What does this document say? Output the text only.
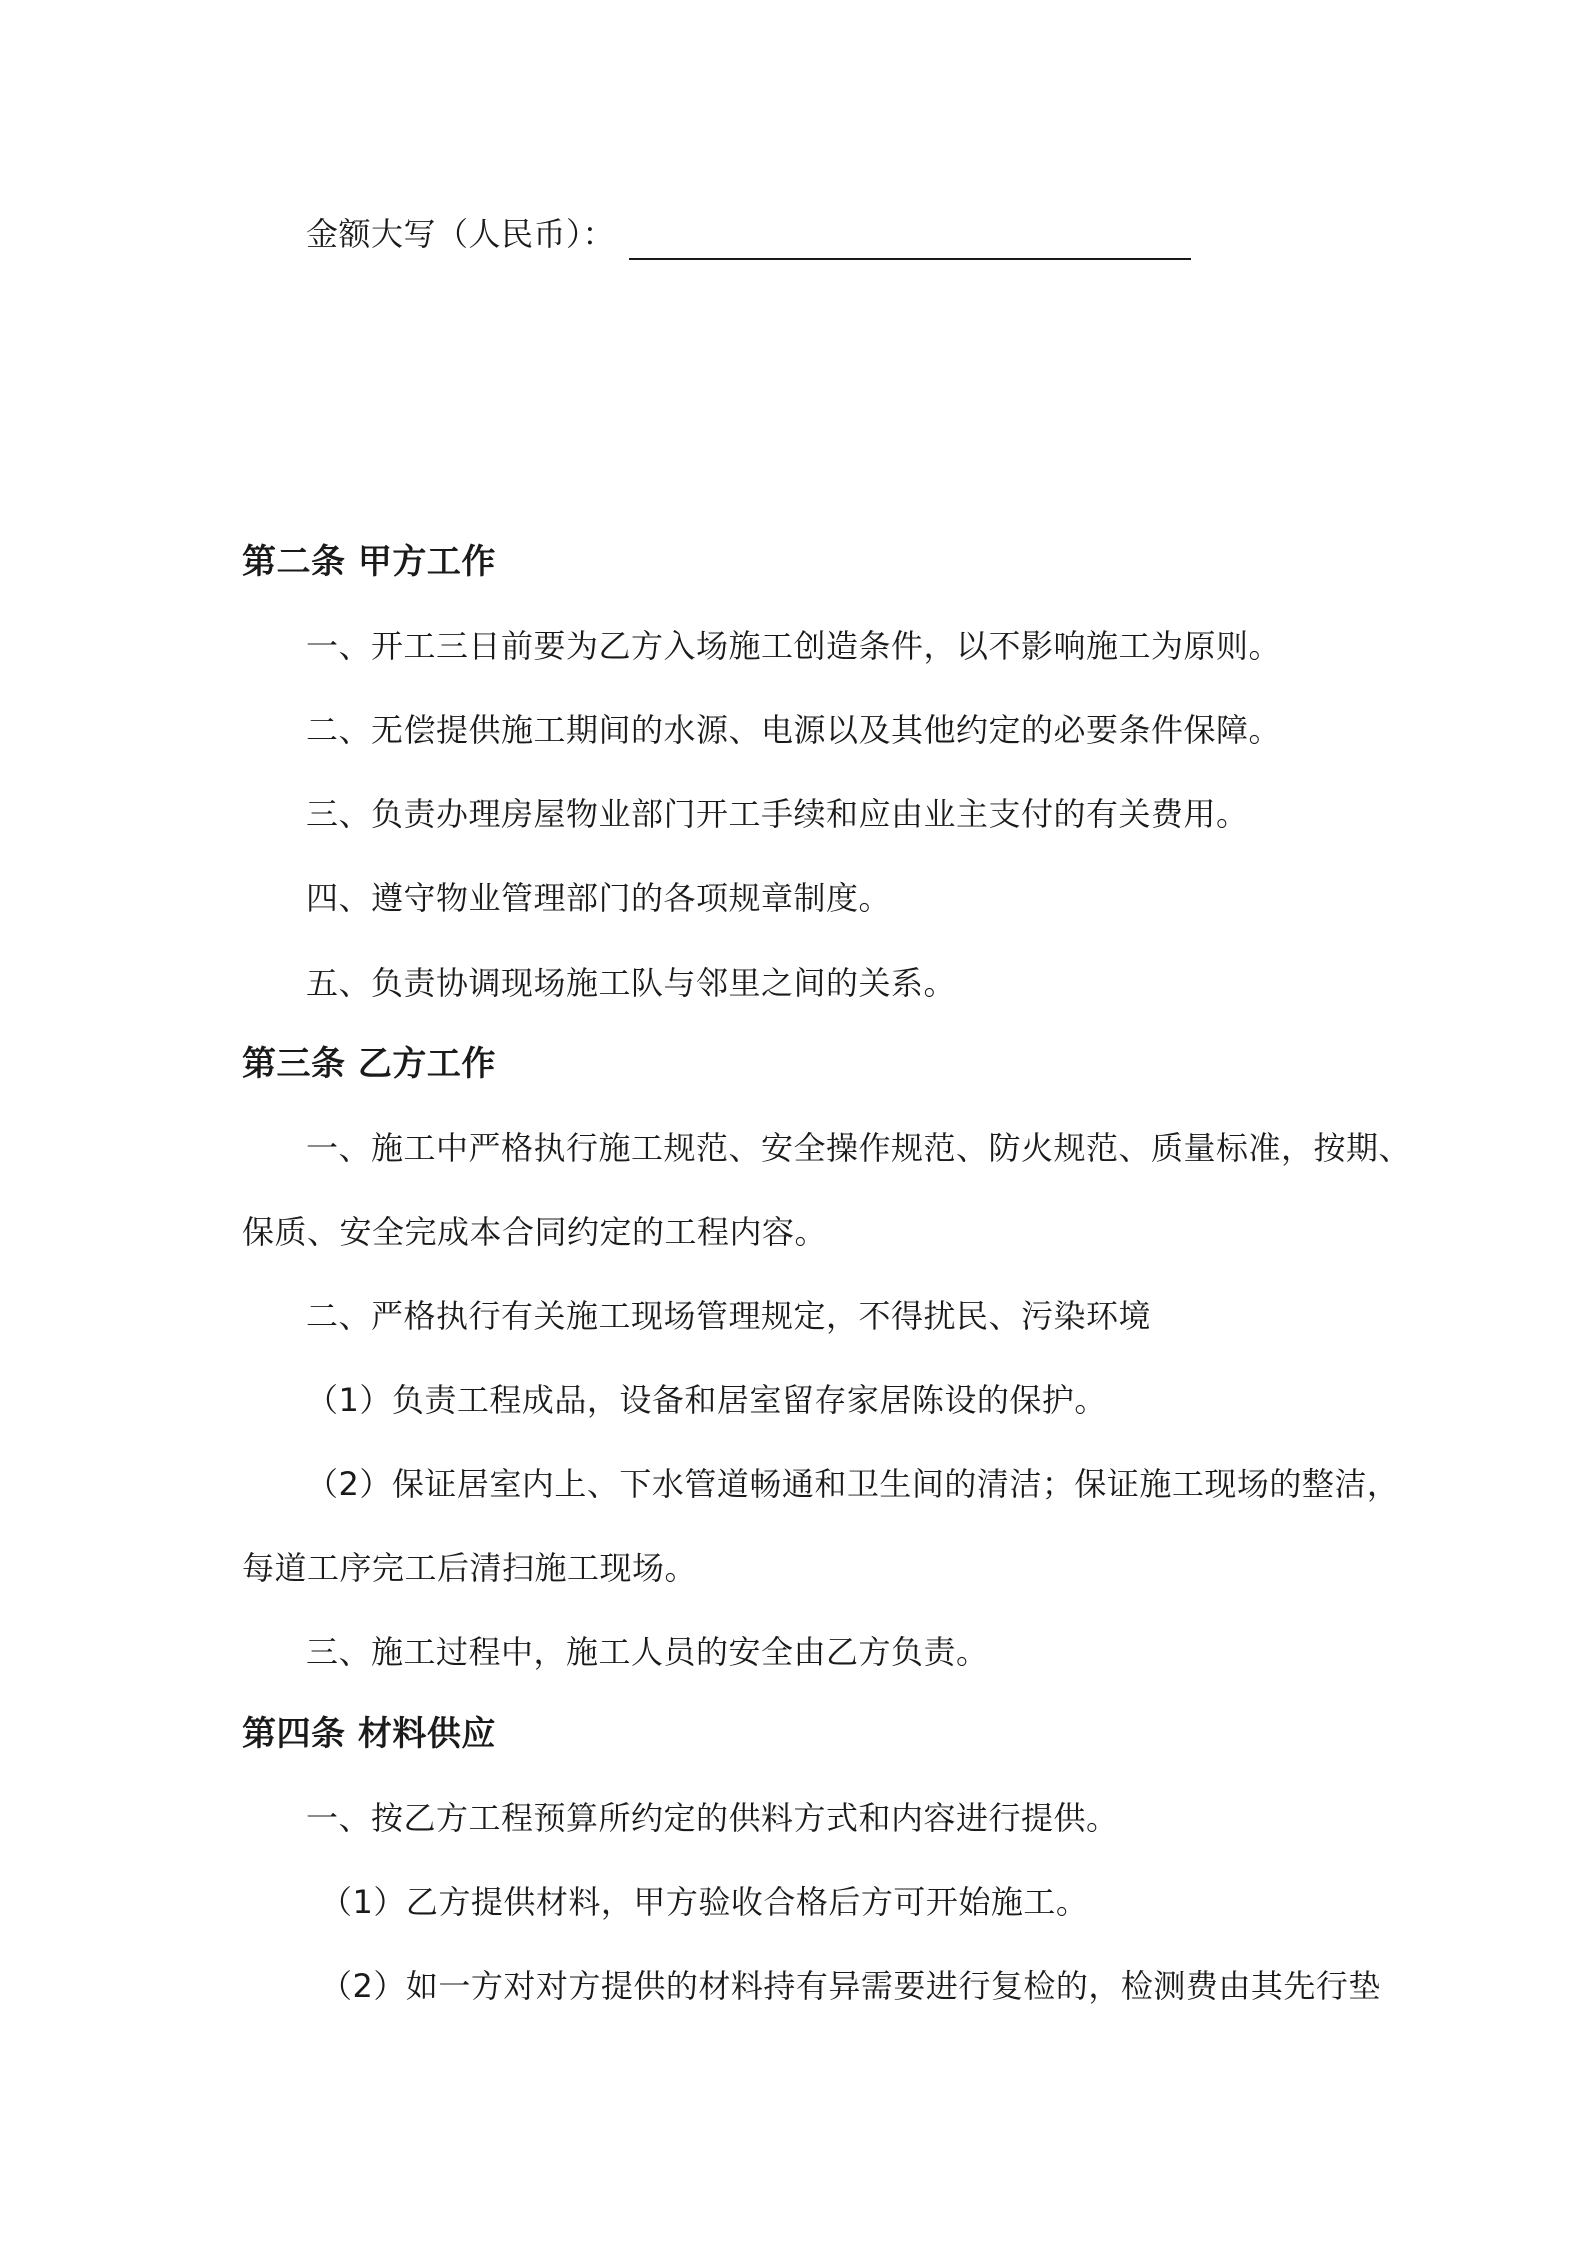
金额大写（人民币）：
第二条 甲方工作
一、开工三日前要为乙方入场施工创造条件，以不影响施工为原则。
二、无偿提供施工期间的水源、电源以及其他约定的必要条件保障。
三、负责办理房屋物业部门开工手续和应由业主支付的有关费用。
四、遵守物业管理部门的各项规章制度。
五、负责协调现场施工队与邻里之间的关系。
第三条 乙方工作
一、施工中严格执行施工规范、安全操作规范、防火规范、质量标准，按期、
保质、安全完成本合同约定的工程内容。
二、严格执行有关施工现场管理规定，不得扰民、污染环境
（1）负责工程成品，设备和居室留存家居陈设的保护。
（2）保证居室内上、下水管道畅通和卫生间的清洁；保证施工现场的整洁，
每道工序完工后清扫施工现场。
三、施工过程中，施工人员的安全由乙方负责。
第四条 材料供应
一、按乙方工程预算所约定的供料方式和内容进行提供。
（1）乙方提供材料，甲方验收合格后方可开始施工。
（2）如一方对对方提供的材料持有异需要进行复检的，检测费由其先行垫
